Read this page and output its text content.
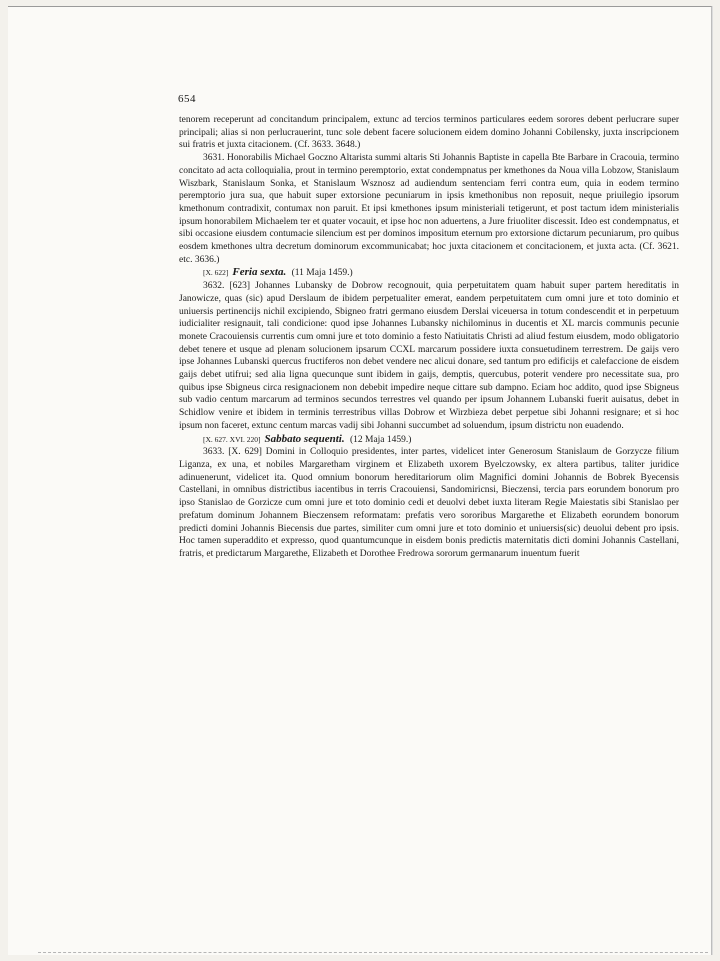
654

tenorem receperunt ad concitandum principalem, extunc ad tercios terminos particulares eedem sorores debent perlucrare super principali; alias si non perlucrauerint, tunc sole debent facere solucionem eidem domino Johanni Cobilensky, juxta inscripcionem sui fratris et juxta citacionem. (Cf. 3633. 3648.)

3631. Honorabilis Michael Goczno Altarista summi altaris Sti Johannis Baptiste in capella Bte Barbare in Cracouia, termino concitato ad acta colloquialia, prout in termino peremptorio, extat condempnatus per kmethones da Noua villa Lobzow, Stanislaum Wiszbark, Stanislaum Sonka, et Stanislaum Wsznosz ad audiendum sentenciam ferri contra eum, quia in eodem termino peremptorio jura sua, que habuit super extorsione pecuniarum in ipsis kmethonibus non reposuit, neque priuilegio ipsorum kmethonum contradixit, contumax non paruit. Et ipsi kmethones ipsum ministeriali tetigerunt, et post tactum idem ministerialis ipsum honorabilem Michaelem ter et quater vocauit, et ipse hoc non aduertens, a Jure friuoliter discessit. Ideo est condempnatus, et sibi occasione eiusdem contumacie silencium est per dominos impositum eternum pro extorsione dictarum pecuniarum, pro quibus eosdem kmethones ultra decretum dominorum excommunicabat; hoc juxta citacionem et concitacionem, et juxta acta. (Cf. 3621. etc. 3636.)

[X. 622] Feria sexta. (11 Maja 1459.)

3632. [623] Johannes Lubansky de Dobrow recognouit, quia perpetuitatem quam habuit super partem hereditatis in Janowicze, quas (sic) apud Derslaum de ibidem perpetualiter emerat, eandem perpetuitatem cum omni jure et toto dominio et uniuersis pertinencijs nichil excipiendo, Sbigneo fratri germano eiusdem Derslai viceuersa in totum condescendit et in perpetuum iudicialiter resignauit, tali condicione: quod ipse Johannes Lubansky nichilominus in ducentis et XL marcis communis pecunie monete Cracouiensis currentis cum omni jure et toto dominio a festo Natiuitatis Christi ad aliud festum eiusdem, modo obligatorio debet tenere et usque ad plenam solucionem ipsarum CCXL marcarum possidere iuxta consuetudinem terrestrem. De gaijs vero ipse Johannes Lubanski quercus fructiferos non debet vendere nec alicui donare, sed tantum pro edificijs et calefaccione de eisdem gaijs debet utifrui; sed alia ligna quecunque sunt ibidem in gaijs, demptis, quercubus, poterit vendere pro necessitate sua, pro quibus ipse Sbigneus circa resignacionem non debebit impedire neque cittare sub dampno. Eciam hoc addito, quod ipse Sbigneus sub vadio centum marcarum ad terminos secundos terrestres vel quando per ipsum Johannem Lubanski fuerit auisatus, debet in Schidlow venire et ibidem in terminis terrestribus villas Dobrow et Wirzbieza debet perpetue sibi Johanni resignare; et si hoc ipsum non faceret, extunc centum marcas vadij sibi Johanni succumbet ad soluendum, ipsum districtu non euadendo.

[X. 627. XVI. 220] Sabbato sequenti. (12 Maja 1459.)

3633. [X. 629] Domini in Colloquio presidentes, inter partes, videlicet inter Generosum Stanislaum de Gorzycze filium Liganza, ex una, et nobiles Margaretham virginem et Elizabeth uxorem Byelczowsky, ex altera partibus, taliter juridice adinuenerunt, videlicet ita. Quod omnium bonorum hereditariorum olim Magnifici domini Johannis de Bobrek Byecensis Castellani, in omnibus districtibus iacentibus in terris Cracouiensi, Sandomiricnsi, Bieczensi, tercia pars eorundem bonorum pro ipso Stanislao de Gorzicze cum omni jure et toto dominio cedi et deuolvi debet iuxta literam Regie Maiestatis sibi Stanislao per prefatum dominum Johannem Bieczensem reformatam: prefatis vero sororibus Margarethe et Elizabeth eorundem bonorum predicti domini Johannis Biecensis due partes, similiter cum omni jure et toto dominio et uniuersis(sic) deuolui debent pro ipsis. Hoc tamen superaddito et expresso, quod quantumcunque in eisdem bonis predictis maternitatis dicti domini Johannis Castellani, fratris, et predictarum Margarethe, Elizabeth et Dorothee Fredrowa sororum germanarum inuentum fuerit
